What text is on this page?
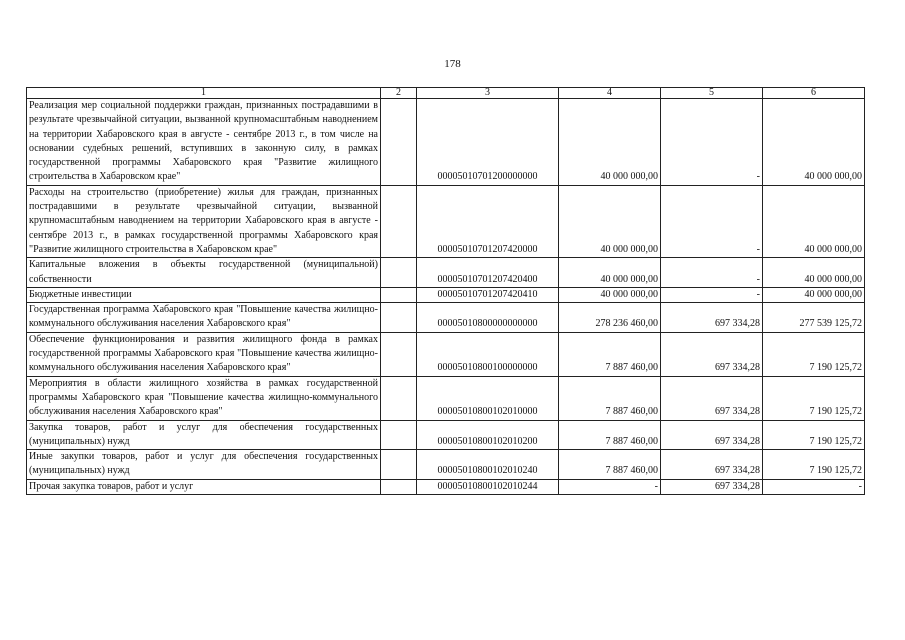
178
1	2	3	4	5	6
Реализация мер социальной поддержки граждан, признанных пострадавшими в результате чрезвычайной ситуации, вызванной крупномасштабным наводнением на территории Хабаровского края в августе - сентябре 2013 г., в том числе на основании судебных решений, вступивших в законную силу, в рамках государственной программы Хабаровского края "Развитие жилищного строительства в Хабаровском крае"		00005010701200000000	40 000 000,00	-	40 000 000,00
Расходы на строительство (приобретение) жилья для граждан, признанных пострадавшими в результате чрезвычайной ситуации, вызванной крупномасштабным наводнением на территории Хабаровского края в августе - сентябре 2013 г., в рамках государственной программы Хабаровского края "Развитие жилищного строительства в Хабаровском крае"		00005010701207420000	40 000 000,00	-	40 000 000,00
Капитальные вложения в объекты государственной (муниципальной) собственности		00005010701207420400	40 000 000,00	-	40 000 000,00
Бюджетные инвестиции		00005010701207420410	40 000 000,00	-	40 000 000,00
Государственная программа Хабаровского края "Повышение качества жилищно-коммунального обслуживания населения Хабаровского края"		00005010800000000000	278 236 460,00	697 334,28	277 539 125,72
Обеспечение функционирования и развития жилищного фонда в рамках государственной программы Хабаровского края "Повышение качества жилищно-коммунального обслуживания населения Хабаровского края"		00005010800100000000	7 887 460,00	697 334,28	7 190 125,72
Мероприятия в области жилищного хозяйства в рамках государственной программы Хабаровского края "Повышение качества жилищно-коммунального обслуживания населения Хабаровского края"		00005010800102010000	7 887 460,00	697 334,28	7 190 125,72
Закупка товаров, работ и услуг для обеспечения государственных (муниципальных) нужд		00005010800102010200	7 887 460,00	697 334,28	7 190 125,72
Иные закупки товаров, работ и услуг для обеспечения государственных (муниципальных) нужд		00005010800102010240	7 887 460,00	697 334,28	7 190 125,72
Прочая закупка товаров, работ и услуг		00005010800102010244	-	697 334,28	-
